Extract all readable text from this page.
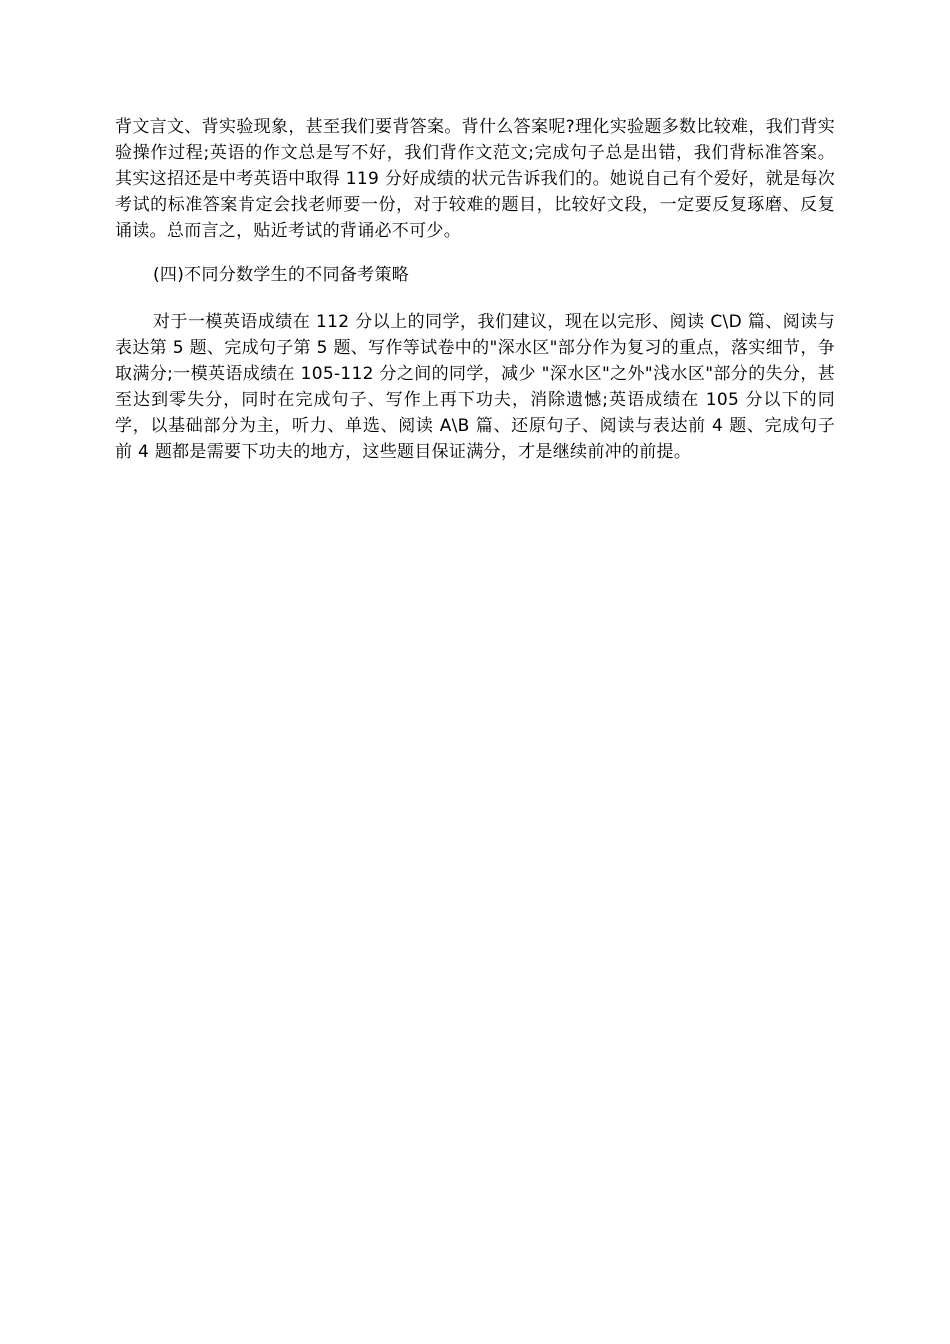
背文言文、背实验现象，甚至我们要背答案。背什么答案呢?理化实验题多数比较难，我们背实验操作过程;英语的作文总是写不好，我们背作文范文;完成句子总是出错，我们背标准答案。其实这招还是中考英语中取得 119 分好成绩的状元告诉我们的。她说自己有个爱好，就是每次考试的标准答案肯定会找老师要一份，对于较难的题目，比较好文段，一定要反复琢磨、反复诵读。总而言之，贴近考试的背诵必不可少。

(四)不同分数学生的不同备考策略

对于一模英语成绩在 112 分以上的同学，我们建议，现在以完形、阅读 C\D 篇、阅读与表达第 5 题、完成句子第 5 题、写作等试卷中的"深水区"部分作为复习的重点，落实细节，争取满分;一模英语成绩在 105-112 分之间的同学，减少 "深水区"之外"浅水区"部分的失分，甚至达到零失分，同时在完成句子、写作上再下功夫，消除遗憾;英语成绩在 105 分以下的同学，以基础部分为主，听力、单选、阅读 A\B 篇、还原句子、阅读与表达前 4 题、完成句子前 4 题都是需要下功夫的地方，这些题目保证满分，才是继续前冲的前提。
